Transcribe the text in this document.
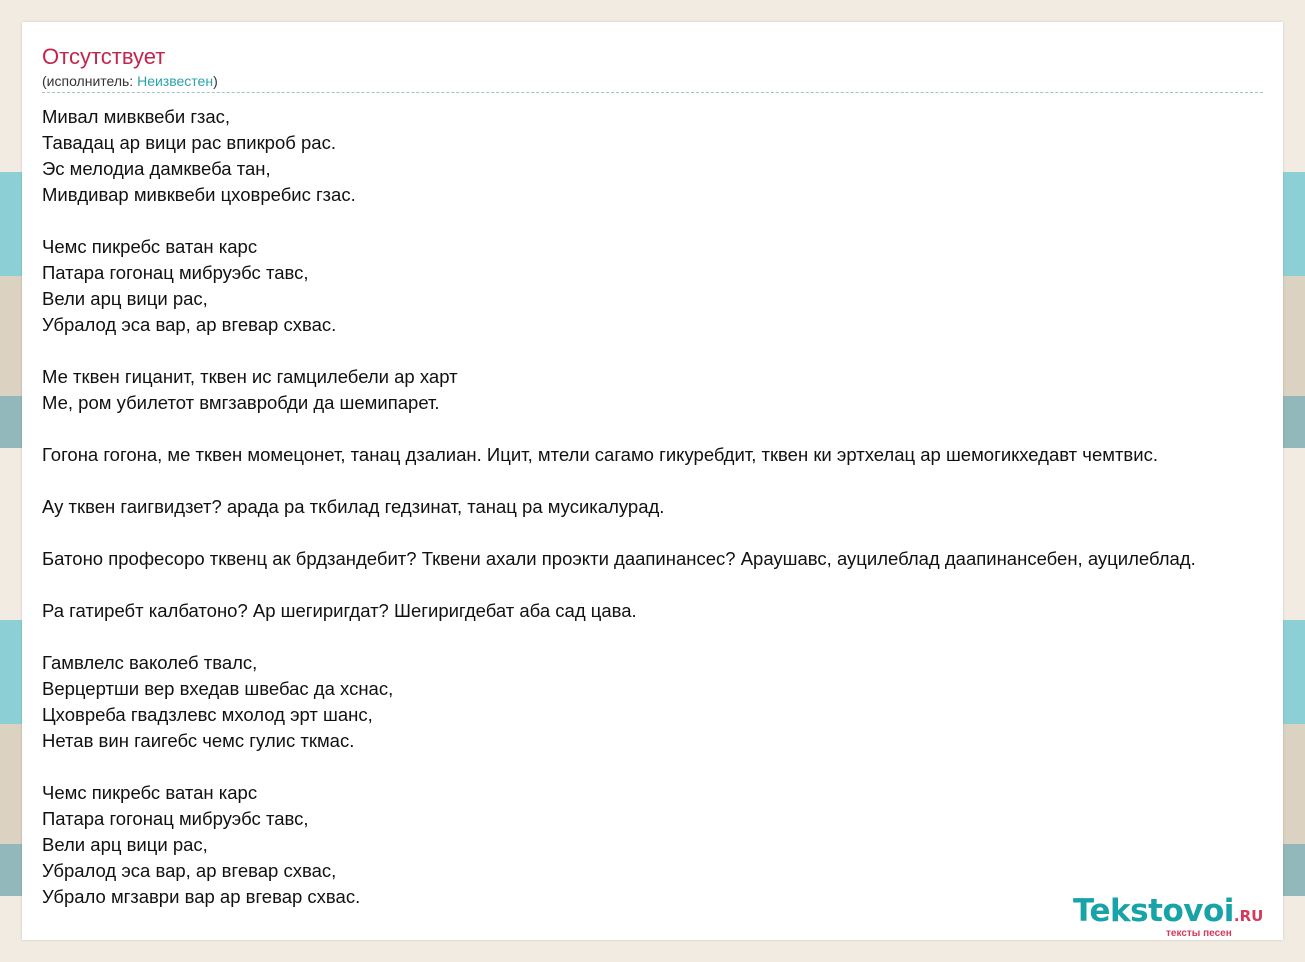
Отсутствует
(исполнитель: Неизвестен)
Мивал мивквеби гзас,
Тавадац ар вици рас впикроб рас.
Эс мелодиа дамквеба тан,
Мивдивар мивквеби цховребис гзас.

Чемс пикребс ватан карс
Патара гогонац мибруэбс тавс,
Вели арц вици рас,
Убралод эса вар, ар вгевар схвас.

Ме тквен гицанит, тквен ис гамцилебели ар харт
Ме, ром убилетот вмгзавробди да шемипарет.

Гогона гогона, ме тквен момецонет, танац дзалиан. Ицит, мтели сагамо гикуребдит, тквен ки эртхелац ар шемогикхедавт чемтвис.

Ау тквен гаигвидзет? арада ра ткбилад гедзинат, танац ра мусикалурад.

Батоно професоро тквенц ак брдзандебит? Тквени ахали проэкти даапинансес? Араушавс, ауцилеблад даапинансебен, ауцилеблад.

Ра гатиребт калбатоно? Ар шегиригдат? Шегиригдебат аба сад цава.

Гамвлелс ваколеб твалс,
Верцертши вер вхедав швебас да хснас,
Цховреба гвадзлевс мхолод эрт шанс,
Нетав вин гаигебс чемс гулис ткмас.

Чемс пикребс ватан карс
Патара гогонац мибруэбс тавс,
Вели арц вици рас,
Убралод эса вар, ар вгевар схвас,
Убрало мгзаври вар ар вгевар схвас.	Tekstovoi.RU
тексты песен
